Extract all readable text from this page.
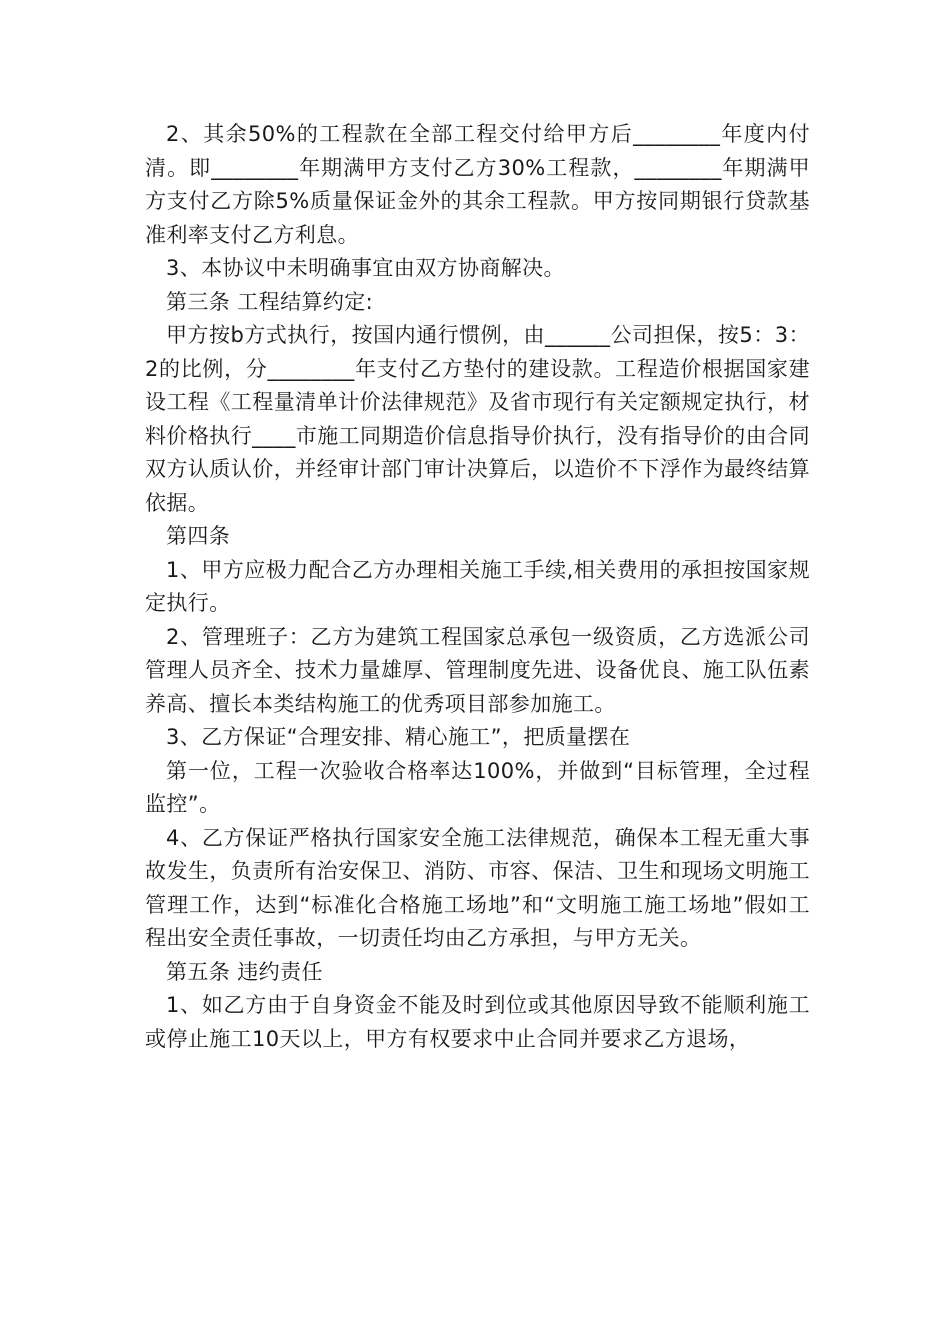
2、其余50%的工程款在全部工程交付给甲方后________年度内付清。即________年期满甲方支付乙方30%工程款，________年期满甲方支付乙方除5%质量保证金外的其余工程款。甲方按同期银行贷款基准利率支付乙方利息。

3、本协议中未明确事宜由双方协商解决。

第三条 工程结算约定:

甲方按b方式执行，按国内通行惯例，由______公司担保，按5：3：2的比例，分________年支付乙方垫付的建设款。工程造价根据国家建设工程《工程量清单计价法律规范》及省市现行有关定额规定执行，材料价格执行____市施工同期造价信息指导价执行，没有指导价的由合同双方认质认价，并经审计部门审计决算后，以造价不下浮作为最终结算依据。

第四条

1、甲方应极力配合乙方办理相关施工手续,相关费用的承担按国家规定执行。

2、管理班子：乙方为建筑工程国家总承包一级资质，乙方选派公司管理人员齐全、技术力量雄厚、管理制度先进、设备优良、施工队伍素养高、擅长本类结构施工的优秀项目部参加施工。

3、乙方保证“合理安排、精心施工”，把质量摆在

第一位，工程一次验收合格率达100%，并做到“目标管理，全过程监控”。

4、乙方保证严格执行国家安全施工法律规范，确保本工程无重大事故发生，负责所有治安保卫、消防、市容、保洁、卫生和现场文明施工管理工作，达到“标准化合格施工场地”和“文明施工施工场地”假如工程出安全责任事故，一切责任均由乙方承担，与甲方无关。

第五条 违约责任

1、如乙方由于自身资金不能及时到位或其他原因导致不能顺利施工或停止施工10天以上，甲方有权要求中止合同并要求乙方退场，
